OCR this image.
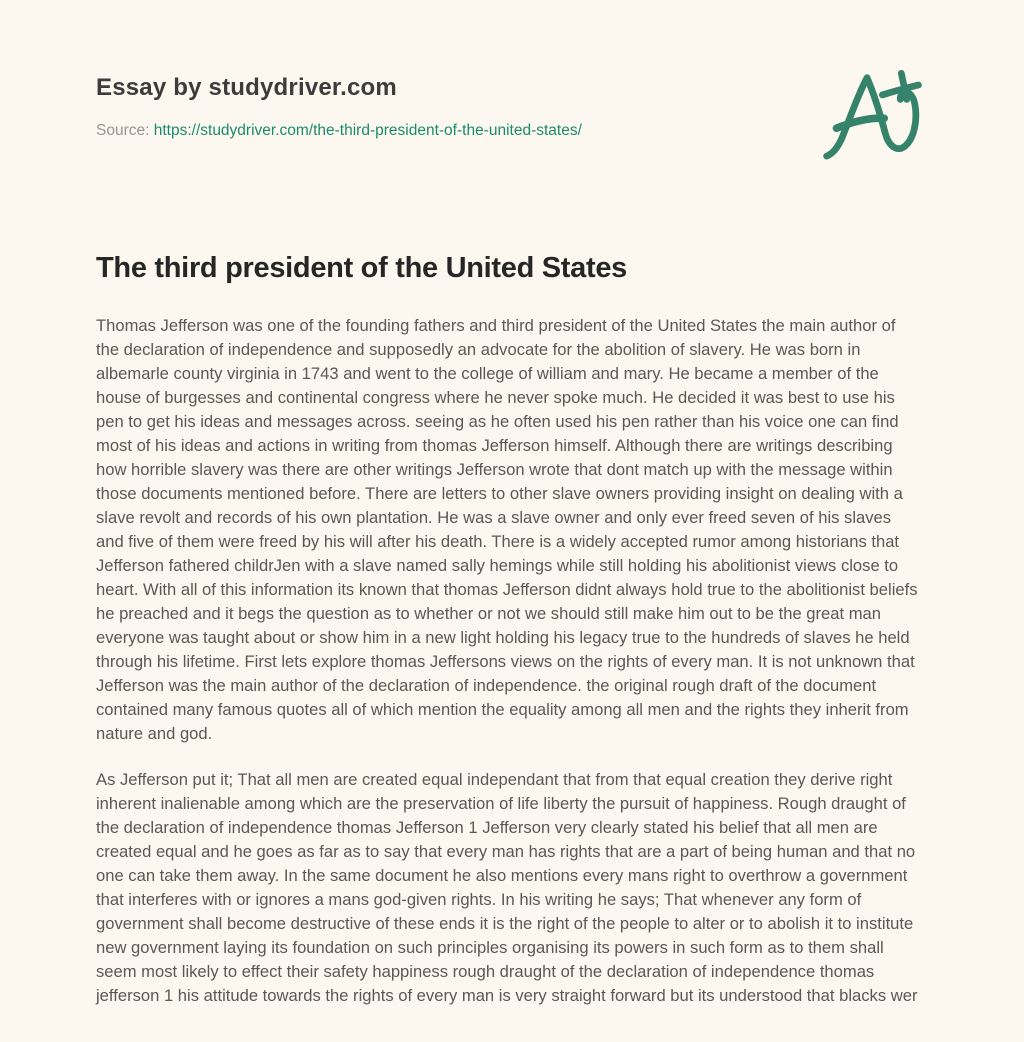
Essay by studydriver.com
Source: https://studydriver.com/the-third-president-of-the-united-states/
The third president of the United States

Thomas Jefferson was one of the founding fathers and third president of the United States the main author of the declaration of independence and supposedly an advocate for the abolition of slavery. He was born in albemarle county virginia in 1743 and went to the college of william and mary. He became a member of the house of burgesses and continental congress where he never spoke much. He decided it was best to use his pen to get his ideas and messages across. seeing as he often used his pen rather than his voice one can find most of his ideas and actions in writing from thomas Jefferson himself. Although there are writings describing how horrible slavery was there are other writings Jefferson wrote that dont match up with the message within those documents mentioned before. There are letters to other slave owners providing insight on dealing with a slave revolt and records of his own plantation. He was a slave owner and only ever freed seven of his slaves and five of them were freed by his will after his death. There is a widely accepted rumor among historians that Jefferson fathered childrJen with a slave named sally hemings while still holding his abolitionist views close to heart. With all of this information its known that thomas Jefferson didnt always hold true to the abolitionist beliefs he preached and it begs the question as to whether or not we should still make him out to be the great man everyone was taught about or show him in a new light holding his legacy true to the hundreds of slaves he held through his lifetime. First lets explore thomas Jeffersons views on the rights of every man. It is not unknown that Jefferson was the main author of the declaration of independence. the original rough draft of the document contained many famous quotes all of which mention the equality among all men and the rights they inherit from nature and god.

As Jefferson put it; That all men are created equal independant that from that equal creation they derive right inherent inalienable among which are the preservation of life liberty the pursuit of happiness. Rough draught of the declaration of independence thomas Jefferson 1 Jefferson very clearly stated his belief that all men are created equal and he goes as far as to say that every man has rights that are a part of being human and that no one can take them away. In the same document he also mentions every mans right to overthrow a government that interferes with or ignores a mans god-given rights. In his writing he says; That whenever any form of government shall become destructive of these ends it is the right of the people to alter or to abolish it to institute new government laying its foundation on such principles organising its powers in such form as to them shall seem most likely to effect their safety happiness rough draught of the declaration of independence thomas jefferson 1 his attitude towards the rights of every man is very straight forward but its understood that blacks wer
